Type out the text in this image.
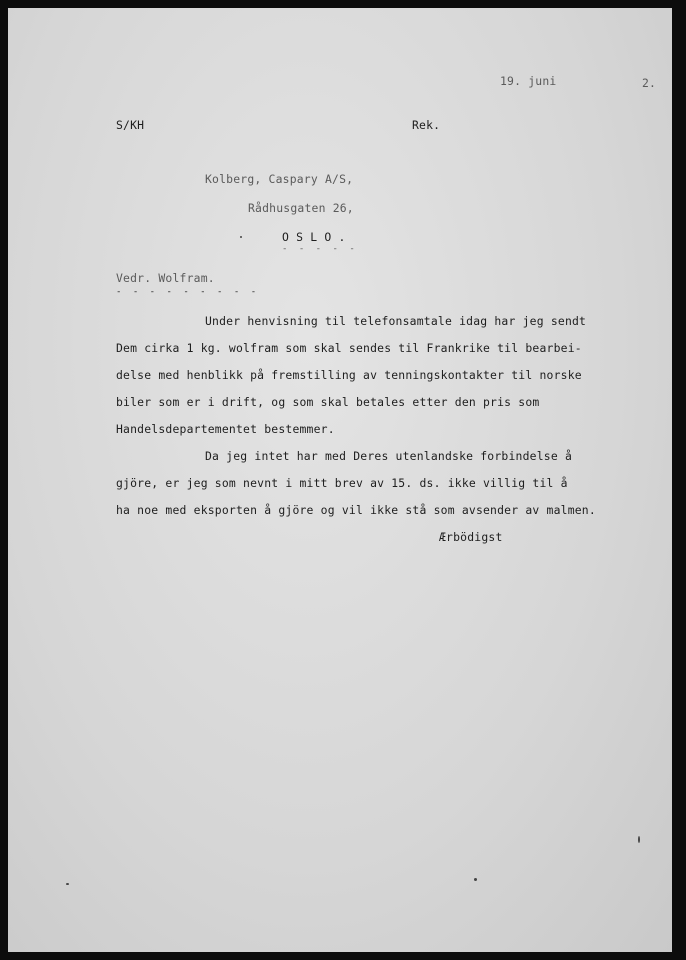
19. juni	2.
S/KH	Rek.
Kolberg, Caspary A/S,
Rådhusgaten 26,
O S L O .
- - - - -
Vedr. Wolfram.
- - - - - - - - -
Under henvisning til telefonsamtale idag har jeg sendt
Dem cirka 1 kg. wolfram som skal sendes til Frankrike til bearbei-
delse med henblikk på fremstilling av tenningskontakter til norske
biler som er i drift, og som skal betales etter den pris som
Handelsdepartementet bestemmer.
Da jeg intet har med Deres utenlandske forbindelse å
gjöre, er jeg som nevnt i mitt brev av 15. ds. ikke villig til å
ha noe med eksporten å gjöre og vil ikke stå som avsender av malmen.
Ærbödigst
